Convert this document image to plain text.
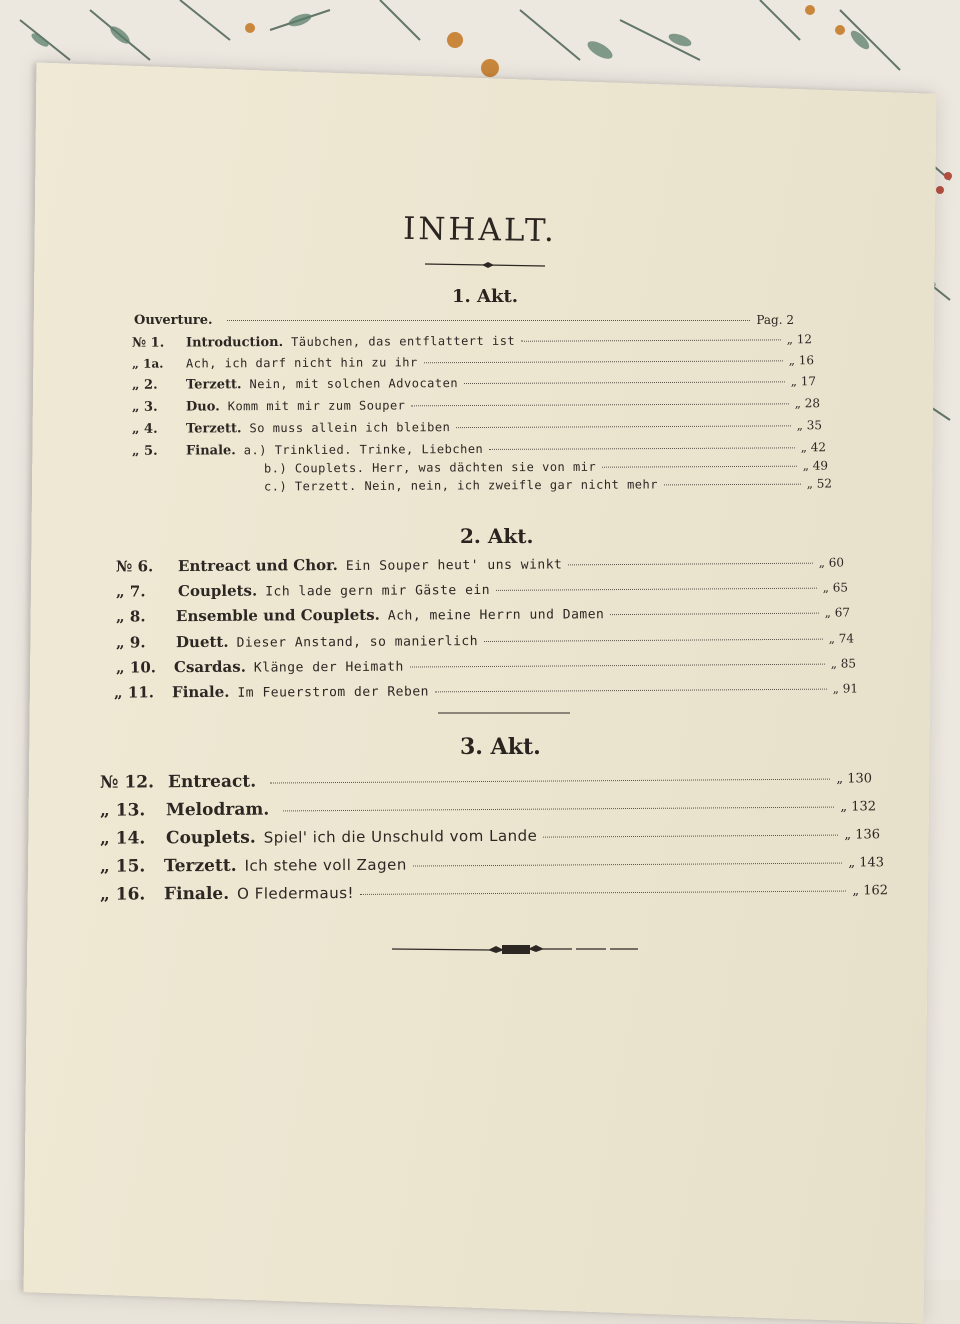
INHALT.
1. Akt.
Ouverture.	Pag. 2
№ 1.	Introduction. Täubchen, das entflattert ist	„ 12
„ 1a.	Ach, ich darf nicht hin zu ihr	„ 16
„ 2.	Terzett. Nein, mit solchen Advocaten	„ 17
„ 3.	Duo. Komm mit mir zum Souper	„ 28
„ 4.	Terzett. So muss allein ich bleiben	„ 35
„ 5.	Finale. a.) Trinklied. Trinke, Liebchen	„ 42
b.) Couplets. Herr, was dächten sie von mir	„ 49
c.) Terzett. Nein, nein, ich zweifle gar nicht mehr	„ 52
2. Akt.
№ 6.	Entreact und Chor. Ein Souper heut' uns winkt	„ 60
„ 7.	Couplets. Ich lade gern mir Gäste ein	„ 65
„ 8.	Ensemble und Couplets. Ach, meine Herrn und Damen	„ 67
„ 9.	Duett. Dieser Anstand, so manierlich	„ 74
„ 10.	Csardas. Klänge der Heimath	„ 85
„ 11.	Finale. Im Feuerstrom der Reben	„ 91
3. Akt.
№ 12. Entreact.	„ 130
„ 13.	Melodram.	„ 132
„ 14.	Couplets. Spiel' ich die Unschuld vom Lande	„ 136
„ 15.	Terzett. Ich stehe voll Zagen	„ 143
„ 16.	Finale. O Fledermaus!	„ 162
